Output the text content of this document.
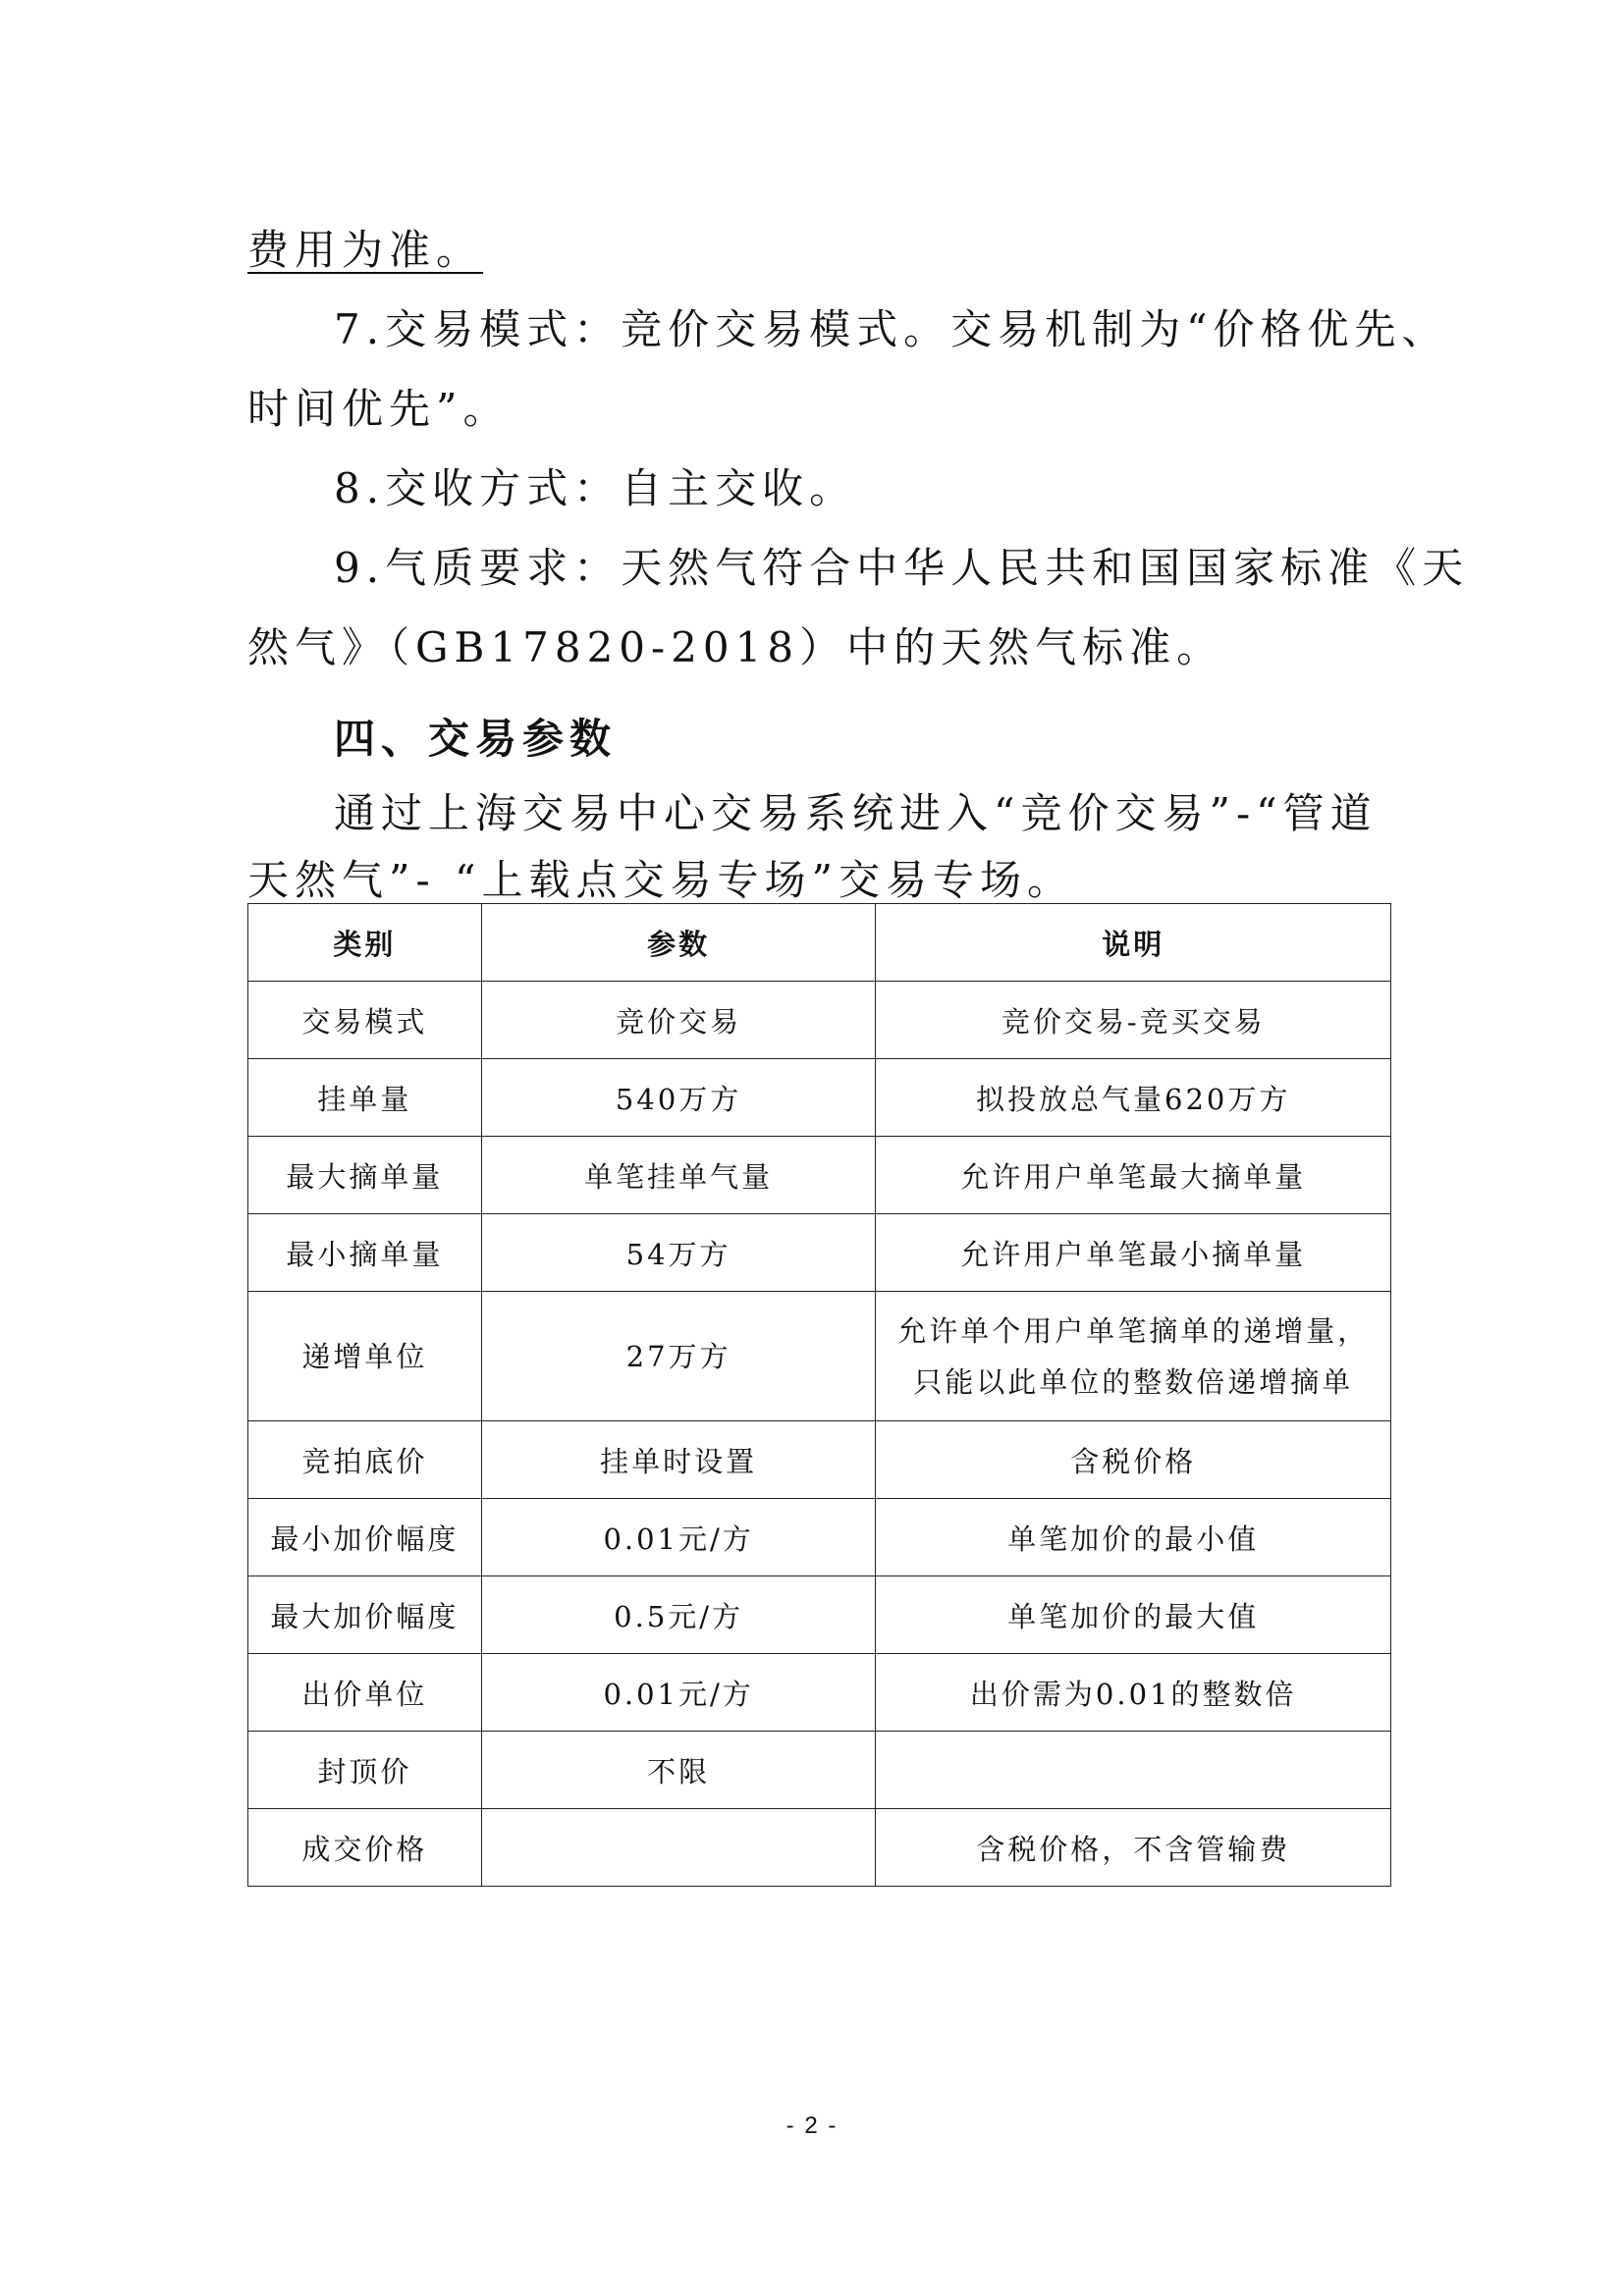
费用为准。
7.交易模式：竞价交易模式。交易机制为“价格优先、
时间优先”。
8.交收方式：自主交收。
9.气质要求：天然气符合中华人民共和国国家标准《天
然气》（GB17820-2018）中的天然气标准。
四、交易参数
通过上海交易中心交易系统进入“竞价交易”-“管道
天然气”- “上载点交易专场”交易专场。
类别	参数	说明
交易模式	竞价交易	竞价交易-竞买交易
挂单量	540万方	拟投放总气量620万方
最大摘单量	单笔挂单气量	允许用户单笔最大摘单量
最小摘单量	54万方	允许用户单笔最小摘单量
递增单位	27万方	允许单个用户单笔摘单的递增量，
只能以此单位的整数倍递增摘单

竞拍底价	挂单时设置	含税价格
最小加价幅度	0.01元/方	单笔加价的最小值
最大加价幅度	0.5元/方	单笔加价的最大值
出价单位	0.01元/方	出价需为0.01的整数倍
封顶价	不限	
成交价格		含税价格，不含管输费
- 2 -
